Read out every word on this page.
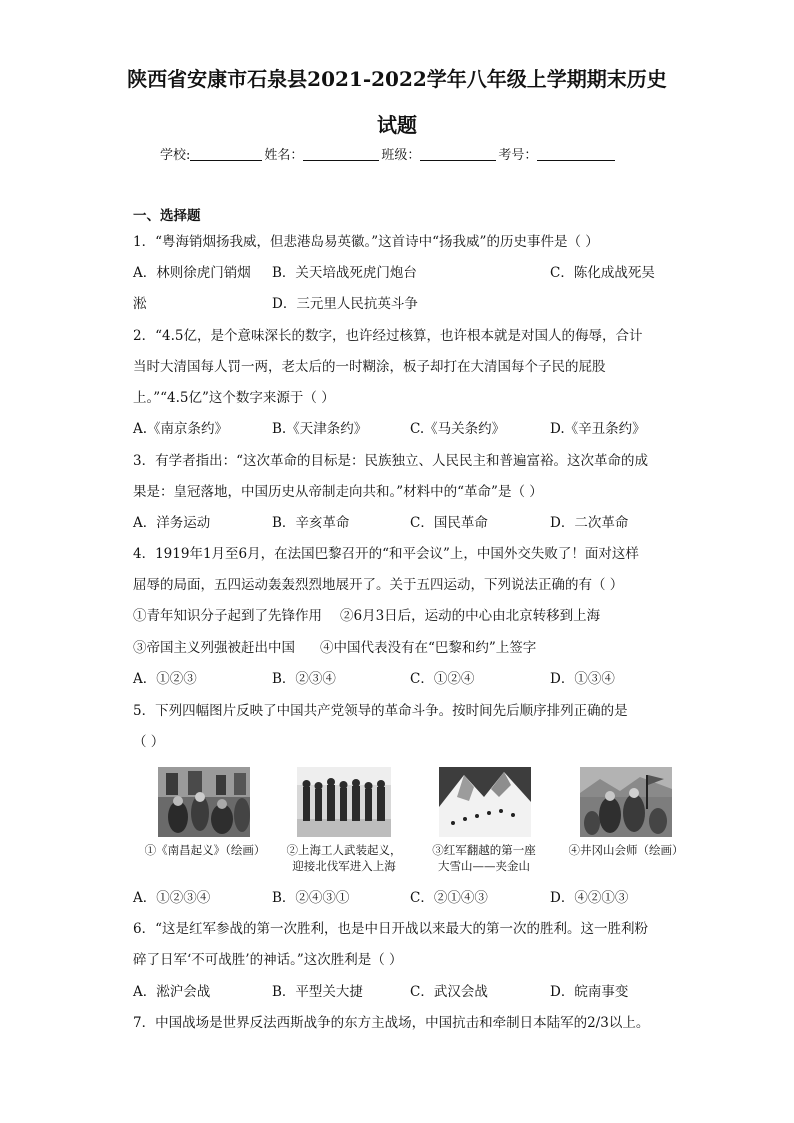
陕西省安康市石泉县2021-2022学年八年级上学期期末历史
试题
学校:	姓名：	班级：	考号：
一、选择题
1．“粤海销烟扬我威，但悲港岛易英徽。”这首诗中“扬我威”的历史事件是（ ）
A．林则徐虎门销烟 B．关天培战死虎门炮台	C．陈化成战死吴
淞	D．三元里人民抗英斗争
2．“4.5亿，是个意味深长的数字，也许经过核算，也许根本就是对国人的侮辱，合计
当时大清国每人罚一两，老太后的一时糊涂，板子却打在大清国每个子民的屁股
上。”“4.5亿”这个数字来源于（ ）
A.《南京条约》	B.《天津条约》	C.《马关条约》	D.《辛丑条约》
3．有学者指出：“这次革命的目标是：民族独立、人民民主和普遍富裕。这次革命的成
果是：皇冠落地，中国历史从帝制走向共和。”材料中的“革命”是（ ）
A．洋务运动	B．辛亥革命	C．国民革命	D．二次革命
4．1919年1月至6月，在法国巴黎召开的“和平会议”上，中国外交失败了！面对这样
屈辱的局面，五四运动轰轰烈烈地展开了。关于五四运动，下列说法正确的有（ ）
①青年知识分子起到了先锋作用 ②6月3日后，运动的中心由北京转移到上海
③帝国主义列强被赶出中国 ④中国代表没有在“巴黎和约”上签字
A．①②③	B．②③④	C．①②④	D．①③④
5．下列四幅图片反映了中国共产党领导的革命斗争。按时间先后顺序排列正确的是
（ ）
①《南昌起义》（绘画）	②上海工人武装起义，
迎接北伐军进入上海
③红军翻越的第一座
大雪山——夹金山
④井冈山会师（绘画）
A．①②③④	B．②④③①	C．②①④③	D．④②①③
6．“这是红军参战的第一次胜利，也是中日开战以来最大的第一次的胜利。这一胜利粉
碎了日军‘不可战胜’的神话。”这次胜利是（ ）
A．淞沪会战	B．平型关大捷	C．武汉会战	D．皖南事变
7．中国战场是世界反法西斯战争的东方主战场，中国抗击和牵制日本陆军的2/3以上。
